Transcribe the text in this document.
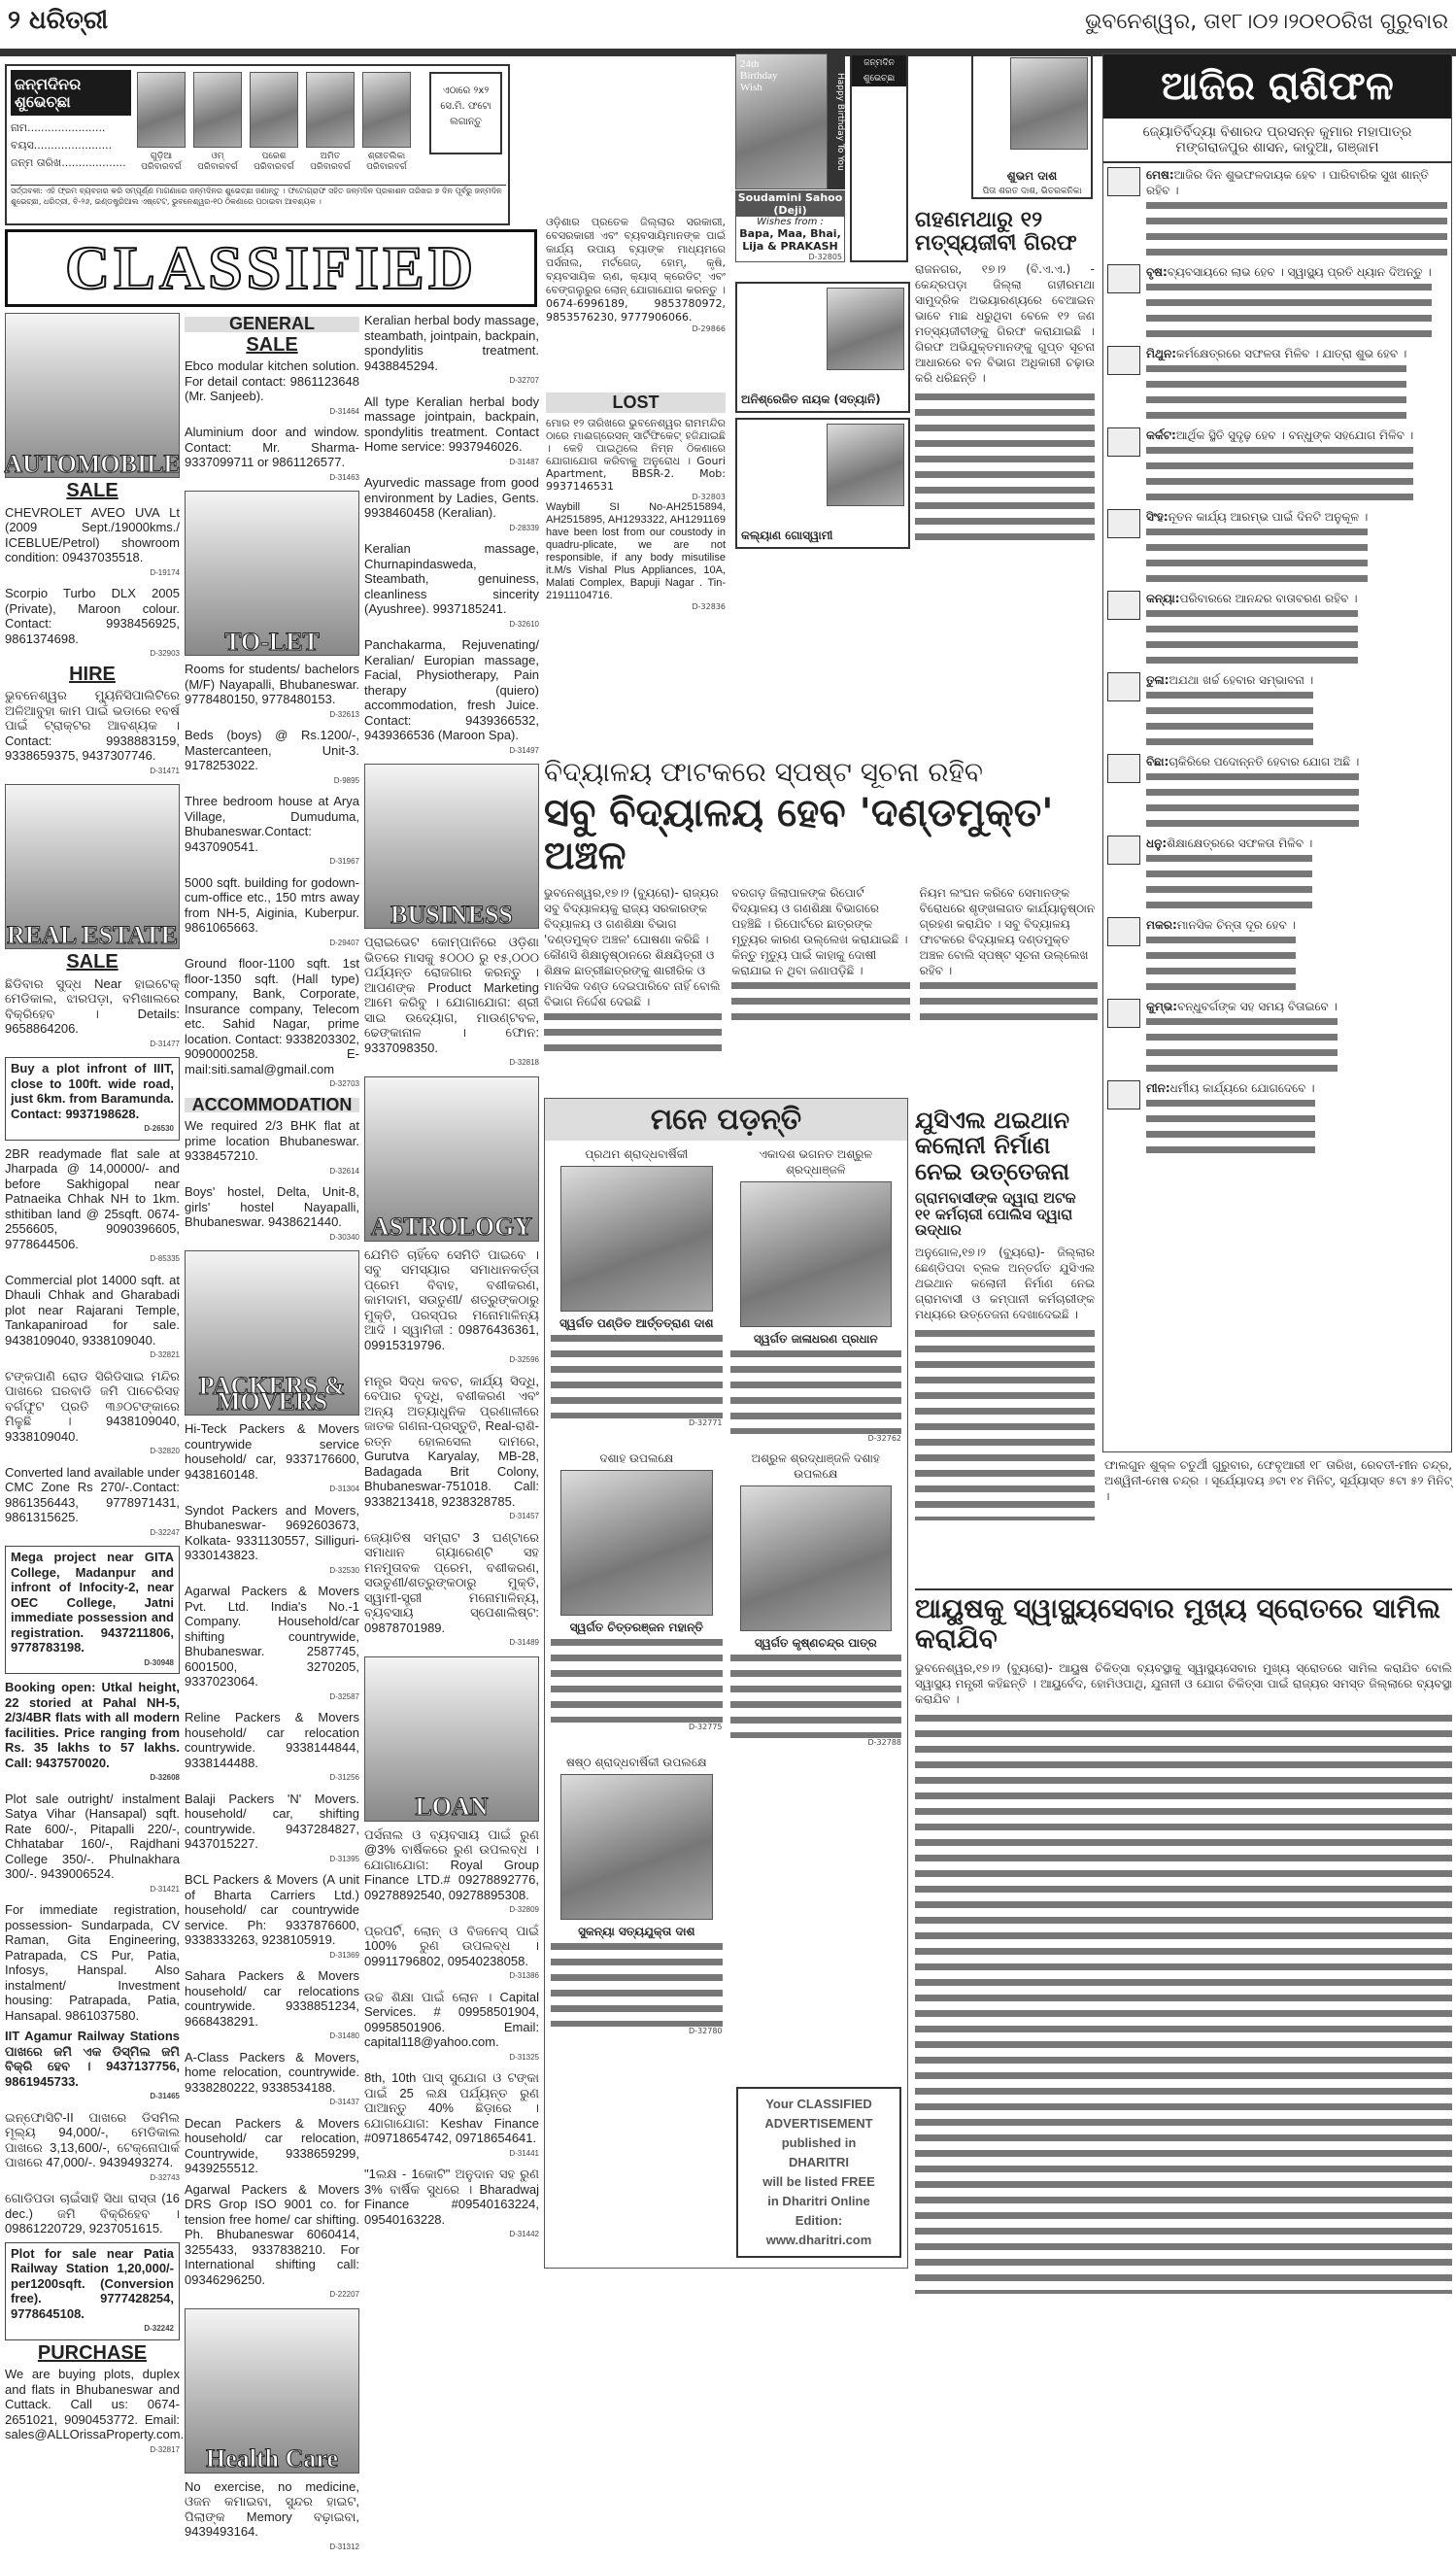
୨ ଧରିତ୍ରୀ	ଭୁବନେଶ୍ୱର, ତା୧୮।୦୨।୨୦୧୦ରିଖ ଗୁରୁବାର
ଜନ୍ମଦିନର ଶୁଭେଚ୍ଛା
ନାମ.......................
ବୟସ.......................
ଜନ୍ମ ତାରିଖ...................
ଗୁଡ଼ିଆ ପରିବାରବର୍ଗ
ଓମ୍ ପରିବାରବର୍ଗ
ପରେଶ ପରିବାରବର୍ଗ
ଅମିତ ପରିବାରବର୍ଗ
ଶ୍ରୀତଲିକା ପରିବାରବର୍ଗ
ଏଠାରେ ୨x୨ ସେ.ମି. ଫଟୋ ଲଗାନ୍ତୁ
ସର୍ତ୍ତାବଳୀ: ଏହି ଫ୍ରମ ବ୍ୟବହାର କରି ସମ୍ପୂର୍ଣ୍ଣ ମାଗଣାରେ ଜନ୍ମଦିନର ଶୁଭେଚ୍ଛା ଜଣାନ୍ତୁ । ଫଟୋଗ୍ରାଫ ସହିତ ଜନ୍ମଦିନ ପ୍ରକାଶନ ତାରିଖର ୭ ଦିନ ପୂର୍ବରୁ ଜନ୍ମଦିନ ଶୁଭେଚ୍ଛା, ଧରିତ୍ରୀ, ବି-୨୬, ଇଣ୍ଡଷ୍ଟ୍ରିଆଲ ଏଷ୍ଟେଟ, ଭୁବନେଶ୍ୱର-୧୦ ଠିକଣାରେ ପଠାଇବା ଆବଶ୍ୟକ ।
CLASSIFIED
AUTOMOBILE
SALE
CHEVROLET AVEO UVA Lt (2009 Sept./19000kms./ ICEBLUE/Petrol) showroom condition: 09437035518.
D-19174
Scorpio Turbo DLX 2005 (Private), Maroon colour. Contact: 9938456925, 9861374698.
D-32903
HIRE
ଭୁବନେଶ୍ୱର ମ୍ୟୁନିସିପାଲିଟିରେ ଅଳିଆବୁହା କାମ ପାଇଁ ଭଡାରେ ୧ବର୍ଷ ପାଇଁ ଟ୍ରାକ୍ଟର ଆବଶ୍ୟକ । Contact: 9938883159, 9338659375, 9437307746.
D-31471
REAL ESTATE
SALE
ଛିଡିବାର ସୁଦ୍ଧ Near ହାଇଟେକ୍ ମେଡିକାଲ, ଝାରପଡ଼ା, ବମିଖାଲରେ ବିକ୍ରିହେବ । Details: 9658864206.
D-31477
Buy a plot infront of IIIT, close to 100ft. wide road, just 6km. from Baramunda. Contact: 9937198628.
D-26530
2BR readymade flat sale at Jharpada @ 14,00000/- and before Sakhigopal near Patnaeika Chhak NH to 1km. sthitiban land @ 25sqft. 0674-2556605, 9090396605, 9778644506.
D-85335
Commercial plot 14000 sqft. at Dhauli Chhak and Gharabadi plot near Rajarani Temple, Tankapaniroad for sale. 9438109040, 9338109040.
D-32821
ଟଙ୍କପାଣି ରୋଡ ସିରିଡିସାଇ ମନ୍ଦିର ପାଖରେ ଘରବାଡି ଜମି ପାଚେରିସହ ବର୍ଗଫୁଟ ପ୍ରତି ୩୬୦ଟଙ୍କାରେ ମିଳୁଛି । 9438109040, 9338109040.
D-32820
Converted land available under CMC Zone Rs 270/-.Contact: 9861356443, 9778971431, 9861315625.
D-32247
Mega project near GITA College, Madanpur and infront of Infocity-2, near OEC College, Jatni immediate possession and registration. 9437211806, 9778783198.
D-30948
Booking open: Utkal height, 22 storied at Pahal NH-5, 2/3/4BR flats with all modern facilities. Price ranging from Rs. 35 lakhs to 57 lakhs. Call: 9437570020.
D-32608
Plot sale outright/ instalment Satya Vihar (Hansapal) sqft. Rate 600/-, Pitapalli 220/-, Chhatabar 160/-, Rajdhani College 350/-. Phulnakhara 300/-. 9439006524.
D-31421
For immediate registration, possession- Sundarpada, CV Raman, Gita Engineering, Patrapada, CS Pur, Patia, Infosys, Hanspal. Also instalment/ Investment housing: Patrapada, Patia, Hansapal. 9861037580.
IIT Agamur Railway Stations ପାଖରେ ଜମି ଏକ ଡିସ୍ମିଲ ଜମି ବିକ୍ରି ହେବ । 9437137756, 9861945733.
D-31465
ଇନ୍ଫୋସିଟି-II ପାଖରେ ଡିସମିଲ ମୂଲ୍ୟ 94,000/-, ମେଡିକାଲ ପାଖରେ 3,13,600/-, ଟେକ୍ନୋପାର୍କ ପାଖରେ 47,000/-. 9439493274.
D-32743
ଗୋଡିପଡା ଚାଇଁସାହି ସିଧା ରାସ୍ତା (16 dec.) ଜମି ବିକ୍ରିହେବ । 09861220729, 9237051615.
Plot for sale near Patia Railway Station 1,20,000/-per1200sqft. (Conversion free). 9777428254, 9778645108.
D-32242
PURCHASE
We are buying plots, duplex and flats in Bhubaneswar and Cuttack. Call us: 0674-2651021, 9090453772. Email: sales@ALLOrissaProperty.com.
D-32817
GENERAL
SALE
Ebco modular kitchen solution. For detail contact: 9861123648 (Mr. Sanjeeb).
D-31464
Aluminium door and window. Contact: Mr. Sharma-9337099711 or 9861126577.
D-31463
TO-LET
Rooms for students/ bachelors (M/F) Nayapalli, Bhubaneswar. 9778480150, 9778480153.
D-32613
Beds (boys) @ Rs.1200/-, Mastercanteen, Unit-3. 9178253022.
D-9895
Three bedroom house at Arya Village, Dumuduma, Bhubaneswar.Contact: 9437090541.
D-31967
5000 sqft. building for godown-cum-office etc., 150 mtrs away from NH-5, Aiginia, Kuberpur. 9861065663.
D-29407
Ground floor-1100 sqft. 1st floor-1350 sqft. (Hall type) company, Bank, Corporate, Insurance company, Telecom etc. Sahid Nagar, prime location. Contact: 9338203302, 9090000258. E-mail:siti.samal@gmail.com
D-32703
ACCOMMODATION
We required 2/3 BHK flat at prime location Bhubaneswar. 9338457210.
D-32614
Boys' hostel, Delta, Unit-8, girls' hostel Nayapalli, Bhubaneswar. 9438621440.
D-30340
PACKERS & MOVERS
Hi-Teck Packers & Movers countrywide service household/ car, 9337176600, 9438160148.
D-31304
Syndot Packers and Movers, Bhubaneswar- 9692603673, Kolkata- 9331130557, Silliguri- 9330143823.
D-32530
Agarwal Packers & Movers Pvt. Ltd. India's No.-1 Company. Household/car shifting countrywide, Bhubaneswar. 2587745, 6001500, 3270205, 9337023064.
D-32587
Reline Packers & Movers household/ car relocation countrywide. 9338144844, 9338144488.
D-31256
Balaji Packers 'N' Movers. household/ car, shifting countrywide. 9437284827, 9437015227.
D-31395
BCL Packers & Movers (A unit of Bharta Carriers Ltd.) household/ car countrywide service. Ph: 9337876600, 9338333263, 9238105919.
D-31369
Sahara Packers & Movers household/ car relocations countrywide. 9338851234, 9668438291.
D-31480
A-Class Packers & Movers, home relocation, countrywide. 9338280222, 9338534188.
D-31437
Decan Packers & Movers household/ car relocation, Countrywide, 9338659299, 9439255512.
Agarwal Packers & Movers DRS Grop ISO 9001 co. for tension free home/ car shifting. Ph. Bhubaneswar 6060414, 3255433, 9337838210. For International shifting call: 09346296250.
D-22207
Health Care
No exercise, no medicine, ଓଜନ କମାଇବା, ସୁନ୍ଦର ହାଇଟ, ପିଲାଙ୍କ Memory ବଢ଼ାଇବା, 9439493164.
D-31312
Keralian herbal body massage, steambath, jointpain, backpain, spondylitis treatment. 9438845294.
D-32707
All type Keralian herbal body massage jointpain, backpain, spondylitis treatment. Contact Home service: 9937946026.
D-31487
Ayurvedic massage from good environment by Ladies, Gents. 9938460458 (Keralian).
D-28339
Keralian massage, Churnapindasweda, Steambath, genuiness, cleanliness sincerity (Ayushree). 9937185241.
D-32610
Panchakarma, Rejuvenating/ Keralian/ Europian massage, Facial, Physiotherapy, Pain therapy (quiero) accommodation, fresh Juice. Contact: 9439366532, 9439366536 (Maroon Spa).
D-31497
BUSINESS
ପ୍ରାଇଭେଟ କୋମ୍ପାନିରେ ଓଡ଼ିଶା ଭିତରେ ମାସକୁ ୫୦୦୦ ରୁ ୧୫,୦୦୦ ପର୍ଯ୍ୟନ୍ତ ରୋଜଗାର କରନ୍ତୁ । ଆପଣଙ୍କ Product Marketing ଆମେ କରିବୁ । ଯୋଗାଯୋଗ: ଶ୍ରୀ ସାଇ ଉଦ୍ୟୋଗ, ମାଉଣ୍ଟବଳ, ଢେଙ୍କାନାଳ । ଫୋନ: 9337098350.
D-32818
ASTROLOGY
ଯେମିତି ଚାହିଁବେ ସେମିତି ପାଇବେ । ସବୁ ସମସ୍ୟାର ସମାଧାନକର୍ତ୍ତା ପ୍ରେମ ବିବାହ, ବଶୀକରଣ, କାମଦାମ, ସଉତୁଣୀ/ ଶତ୍ରୁଙ୍କଠାରୁ ମୁକ୍ତି, ପରସ୍ପର ମନୋମାଳିନ୍ୟ ଆଦି । ସ୍ୱାମିଜୀ : 09876436361, 09915319796.
D-32596
ମନ୍ତ୍ର ସିଦ୍ଧ କବଚ, କାର୍ଯ୍ୟ ସିଦ୍ଧି, ବେପାର ବୃଦ୍ଧି, ବଶୀକରଣ ଏବଂ ଅନ୍ୟ ଅତ୍ୟାଧୁନିକ ପ୍ରଣାଳୀରେ ଜାତକ ଗଣନା-ପ୍ରସ୍ତୁତି, Real-ରାଶି-ରତ୍ନ ହୋଲସେଲ ଦାମରେ, Gurutva Karyalay, MB-28, Badagada Brit Colony, Bhubaneswar-751018. Call: 9338213418, 9238328785.
D-31457
ଜ୍ୟୋତିଷ ସମ୍ରାଟ 3 ଘଣ୍ଟାରେ ସମାଧାନ ଗ୍ୟାରେଣ୍ଟି ସହ ମନମୁତାବକ ପ୍ରେମ, ବଶୀକରଣ, ସଉତୁଣୀ/ଶତ୍ରୁଙ୍କଠାରୁ ମୁକ୍ତି, ସ୍ୱାମୀ-ସ୍ତ୍ରୀ ମନୋମାଳିନ୍ୟ, ବ୍ୟବସାୟ ସ୍ପେଶାଲିଷ୍ଟ: 09878701989.
D-31489
LOAN
ପର୍ସନାଲ ଓ ବ୍ୟବସାୟ ପାଇଁ ରୁଣ @3% ବାର୍ଷିକରେ ରୁଣ ଉପଲବ୍ଧ । ଯୋଗାଯୋଗ: Royal Group Finance LTD.# 09278892776, 09278892540, 09278895308.
D-32809
ପ୍ରପର୍ଟି, ଲୋନ୍ ଓ ବିଜନେସ୍ ପାଇଁ 100% ରୁଣ ଉପଲବ୍ଧ । 09911796802, 09540238058.
D-31386
ଉଚ୍ଚ ଶିକ୍ଷା ପାଇଁ ଲୋନ । Capital Services. # 09958501904, 09958501906. Email: capital118@yahoo.com.
D-31325
8th, 10th ପାସ୍ ସୁଯୋଗ ଓ ଟଙ୍କା ପାଇଁ 25 ଲକ୍ଷ ପର୍ଯ୍ୟନ୍ତ ରୁଣ ପାଆନ୍ତୁ 40% ଛିଡ଼ାରେ । ଯୋଗାଯୋଗ: Keshav Finance #09718654742, 09718654641.
D-31441
"1ଲକ୍ଷ - 1କୋଟି" ଅନୁଦାନ ସହ ରୁଣ 3% ବାର୍ଷିକ ସୁଧରେ । Bharadwaj Finance #09540163224, 09540163228.
D-31442
ଓଡ଼ିଶାର ପ୍ରତେକ ଜିଲ୍ଲାର ସରକାରୀ, ବେସରକାରୀ ଏବଂ ବ୍ୟବସାୟିମାନଙ୍କ ପାଇଁ କାର୍ଯ୍ୟ ଉପାୟ ବ୍ୟାଙ୍କ ମାଧ୍ୟମରେ ପର୍ସନାଲ, ମର୍ଟଗେଜ୍, ହୋମ୍, କୃଷି, ବ୍ୟବସାୟିକ ଋଣ, କ୍ୟାସ୍ କ୍ରେଡିଟ୍ ଏବଂ ବେଙ୍ଗଲୁରୁର ଲୋନ୍ ଯୋଗାଯୋଗ କରନ୍ତୁ । 0674-6996189, 9853780972, 9853576230, 9777906066.
D-29866
LOST
ମୋର ୧୨ ତାରିଖରେ ଭୁବନେଶ୍ୱର ରାମମନ୍ଦିର ଠାରେ ମାଈଗ୍ରେସନ୍ ସାର୍ଟିଫିକେଟ୍ ହଜିଯାଇଛି । କେହି ପାଇଥିଲେ ନିମ୍ନ ଠିକଣାରେ ଯୋଗାଯୋଗ କରିବାକୁ ଅନୁରୋଧ । Gouri Apartment, BBSR-2. Mob: 9937146531
D-32803
Waybill SI No-AH2515894, AH2515895, AH1293322, AH1291169 have been lost from our coustody in quadru-plicate, we are not responsible, if any body misutilise it.M/s Vishal Plus Appliances, 10A, Malati Complex, Bapuji Nagar . Tin-21911104716.
D-32836
24th Birthday Wish	Happy Birthday To You
Soudamini Sahoo (Deji)
Wishes from :
Bapa, Maa, Bhai, Lija & PRAKASH
D-32805
ଜନ୍ମଦିନ ଶୁଭେଚ୍ଛା
ଶୁଭମ ଦାଶ
ପିତା ଶରତ ଦାଶ, ଭିତରକନିକା
ଅନିଶ୍ରେଜିତ ନାୟକ (ସତ୍ୟାନି)
କଲ୍ୟାଣ ଗୋସ୍ୱାମୀ
ଗହଣମଥାରୁ ୧୨ ମତ୍ସ୍ୟଜୀବୀ ଗିରଫ
ରାଜନଗର, ୧୭।୨ (ବି.ଏ.ଏ.) - କେନ୍ଦ୍ରପଡ଼ା ଜିଲ୍ଲା ଗହୀରମଥା ସାମୁଦ୍ରିକ ଅଭୟାରଣ୍ୟରେ ବେଆଇନ ଭାବେ ମାଛ ଧରୁଥିବା ବେଳେ ୧୨ ଜଣ ମତ୍ସ୍ୟଜୀବୀଙ୍କୁ ଗିରଫ କରାଯାଇଛି । ଗିରଫ ଅଭିଯୁକ୍ତମାନଙ୍କୁ ଗୁପ୍ତ ସୂଚନା ଆଧାରରେ ବନ ବିଭାଗ ଅଧିକାରୀ ଚଢ଼ାଉ କରି ଧରିଛନ୍ତି ।
ବିଦ୍ୟାଳୟ ଫାଟକରେ ସ୍ପଷ୍ଟ ସୂଚନା ରହିବ
ସବୁ ବିଦ୍ୟାଳୟ ହେବ 'ଦଣ୍ଡମୁକ୍ତ' ଅଞ୍ଚଳ
ଭୁବନେଶ୍ୱର,୧୭।୨ (ବ୍ୟୁରୋ)- ରାଜ୍ୟର ସବୁ ବିଦ୍ୟାଳୟକୁ ରାଜ୍ୟ ସରକାରଙ୍କ ବିଦ୍ୟାଳୟ ଓ ଗଣଶିକ୍ଷା ବିଭାଗ 'ଦଣ୍ଡମୁକ୍ତ ଅଞ୍ଚଳ' ଘୋଷଣା କରିଛି । କୌଣସି ଶିକ୍ଷାନୁଷ୍ଠାନରେ ଶିକ୍ଷୟିତ୍ରୀ ଓ ଶିକ୍ଷକ ଛାତ୍ରୀଛାତ୍ରଙ୍କୁ ଶାରୀରିକ ଓ ମାନସିକ ଦଣ୍ଡ ଦେଇପାରିବେ ନାହିଁ ବୋଲି ବିଭାଗ ନିର୍ଦ୍ଦେଶ ଦେଇଛି ।
ବରଗଡ଼ ଜିଲାପାଳଙ୍କ ରିପୋର୍ଟ ବିଦ୍ୟାଳୟ ଓ ଗଣଶିକ୍ଷା ବିଭାଗରେ ପହଞ୍ଚିଛି । ରିପୋର୍ଟରେ ଛାତ୍ରଙ୍କ ମୃତ୍ୟୁର କାରଣ ଉଲ୍ଲେଖ କରାଯାଇଛି । କିନ୍ତୁ ମୃତ୍ୟୁ ପାଇଁ କାହାକୁ ଦୋଷୀ କରାଯାଇ ନ ଥିବା ଜଣାପଡ଼ିଛି ।
ନିୟମ ଲଂଘନ କରିବେ ସେମାନଙ୍କ ବିରୋଧରେ ଶୃଙ୍ଖଳାଗତ କାର୍ଯ୍ୟାନୁଷ୍ଠାନ ଗ୍ରହଣ କରାଯିବ । ସବୁ ବିଦ୍ୟାଳୟ ଫାଟକରେ ବିଦ୍ୟାଳୟ ଦଣ୍ଡମୁକ୍ତ ଅଞ୍ଚଳ ବୋଲି ସ୍ପଷ୍ଟ ସୂଚନା ଉଲ୍ଲେଖ ରହିବ ।
ମନେ ପଡ଼ନ୍ତି
ପ୍ରଥମ ଶ୍ରାଦ୍ଧବାର୍ଷିକୀ
ସ୍ୱର୍ଗତ ପଣ୍ଡିତ ଆର୍ତ୍ତତ୍ରାଣ ଦାଶ
D-32771
ଏକାଦଶ ଭଗନତ ଅଶ୍ରୁଳ ଶ୍ରଦ୍ଧାଞ୍ଜଳି
ସ୍ୱର୍ଗତ ଜାଳାଧରଣ ପ୍ରଧାନ
D-32762
ଦଶାହ ଉପଲକ୍ଷେ
ସ୍ୱର୍ଗତ ଚିତ୍ତରଞ୍ଜନ ମହାନ୍ତି
D-32775
ଅଶ୍ରୁଳ ଶ୍ରଦ୍ଧାଞ୍ଜଳି ଦଶାହ ଉପଲକ୍ଷେ
ସ୍ୱର୍ଗତ କୃଷ୍ଣଚନ୍ଦ୍ର ପାତ୍ର
D-32788
ଷଷ୍ଠ ଶ୍ରାଦ୍ଧବାର୍ଷିକୀ ଉପଲକ୍ଷେ
ସୁକନ୍ୟା ସତ୍ୟଯୁକ୍ତା ଦାଶ
D-32780
Your CLASSIFIED
ADVERTISEMENT
published in
DHARITRI
will be listed FREE
in Dharitri Online
Edition:
www.dharitri.com
ଯୁସିଏଲ ଥଇଥାନ କଲୋନୀ ନିର୍ମାଣ ନେଇ ଉତ୍ତେଜନା
ଗ୍ରାମବାସୀଙ୍କ ଦ୍ୱାରା ଅଟକ ୧୧ କର୍ମଚାରୀ ପୋଲିସ ଦ୍ୱାରା ଉଦ୍ଧାର
ଅନୁଗୋଳ,୧୭।୨ (ବ୍ୟୁରୋ)- ଜିଲ୍ଲାର ଛେଣ୍ଡିପଦା ବ୍ଲକ ଅନ୍ତର୍ଗତ ଯୁସିଏଲ ଥଇଥାନ କଲୋନୀ ନିର୍ମାଣ ନେଇ ଗ୍ରାମବାସୀ ଓ କମ୍ପାନୀ କର୍ମଚାରୀଙ୍କ ମଧ୍ୟରେ ଉତ୍ତେଜନା ଦେଖାଦେଇଛି ।
ଆଜିର ରାଶିଫଳ
ଜ୍ୟୋତିର୍ବିଦ୍ୟା ବିଶାରଦ ପ୍ରସନ୍ନ କୁମାର ମହାପାତ୍ର
ମଙ୍ଗରାଜପୁର ଶାସନ, କାଦୁଆ, ଗଞ୍ଜାମ
ମେଷ:ଆଜିର ଦିନ ଶୁଭଫଳଦାୟକ ହେବ । ପାରିବାରିକ ସୁଖ ଶାନ୍ତି ରହିବ ।
ବୃଷ:ବ୍ୟବସାୟରେ ଲାଭ ହେବ । ସ୍ୱାସ୍ଥ୍ୟ ପ୍ରତି ଧ୍ୟାନ ଦିଅନ୍ତୁ ।
ମିଥୁନ:କର୍ମକ୍ଷେତ୍ରରେ ସଫଳତା ମିଳିବ । ଯାତ୍ରା ଶୁଭ ହେବ ।
କର୍କଟ:ଆର୍ଥିକ ସ୍ଥିତି ସୁଦୃଢ଼ ହେବ । ବନ୍ଧୁଙ୍କ ସହଯୋଗ ମିଳିବ ।
ସିଂହ:ନୂତନ କାର୍ଯ୍ୟ ଆରମ୍ଭ ପାଇଁ ଦିନଟି ଅନୁକୂଳ ।
କନ୍ୟା:ପରିବାରରେ ଆନନ୍ଦର ବାତାବରଣ ରହିବ ।
ତୁଳା:ଅଯଥା ଖର୍ଚ୍ଚ ହେବାର ସମ୍ଭାବନା ।
ବିଛା:ଚାକିରିରେ ପଦୋନ୍ନତି ହେବାର ଯୋଗ ଅଛି ।
ଧନୁ:ଶିକ୍ଷାକ୍ଷେତ୍ରରେ ସଫଳତା ମିଳିବ ।
ମକର:ମାନସିକ ଚିନ୍ତା ଦୂର ହେବ ।
କୁମ୍ଭ:ବନ୍ଧୁବର୍ଗଙ୍କ ସହ ସମୟ ବିତାଇବେ ।
ମୀନ:ଧର୍ମୀୟ କାର୍ଯ୍ୟରେ ଯୋଗଦେବେ ।
ଫାଲଗୁନ ଶୁକ୍ଳ ଚତୁର୍ଥୀ ଗୁରୁବାର, ଫେବୃଆରୀ ୧୮ ତାରିଖ, ରେବତୀ-ମୀନ ଚନ୍ଦ୍ର, ଅଶ୍ୱିନୀ-ମେଷ ଚନ୍ଦ୍ର । ସୂର୍ଯ୍ୟୋଦୟ ୬ଟା ୧୪ ମିନିଟ୍, ସୂର୍ଯ୍ୟାସ୍ତ ୫ଟା ୫୨ ମିନିଟ୍ ।
ଆୟୁଷକୁ ସ୍ୱାସ୍ଥ୍ୟସେବାର ମୁଖ୍ୟ ସ୍ରୋତରେ ସାମିଲ କରାଯିବ
ଭୁବନେଶ୍ୱର,୧୭।୨ (ବ୍ୟୁରୋ)- ଆୟୁଷ ଚିକିତ୍ସା ବ୍ୟବସ୍ଥାକୁ ସ୍ୱାସ୍ଥ୍ୟସେବାର ମୁଖ୍ୟ ସ୍ରୋତରେ ସାମିଲ କରାଯିବ ବୋଲି ସ୍ୱାସ୍ଥ୍ୟ ମନ୍ତ୍ରୀ କହିଛନ୍ତି । ଆୟୁର୍ବେଦ, ହୋମିଓପାଥି, ଯୁନାନୀ ଓ ଯୋଗ ଚିକିତ୍ସା ପାଇଁ ରାଜ୍ୟର ସମସ୍ତ ଜିଲ୍ଲାରେ ବ୍ୟବସ୍ଥା କରାଯିବ ।
